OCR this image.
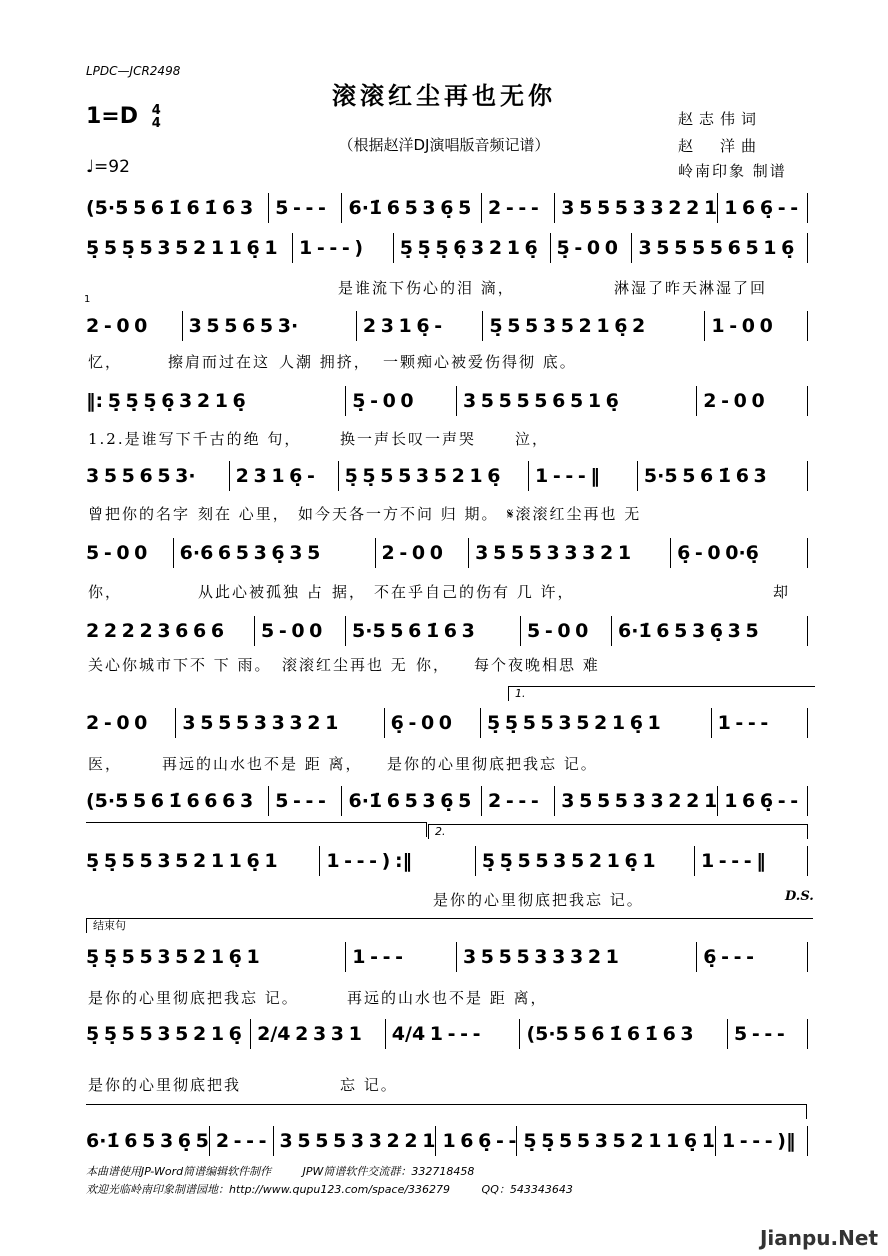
LPDC—JCR2498
滚滚红尘再也无你
1=D 4
4
（根据赵洋DJ演唱版音频记谱）
♩=92
赵志伟词
赵　洋曲
岭南印象 制谱
(5·5 5 6 1̇ 6 1̇ 6 3	5 - - -	6·1̇ 6 5 3 6̣ 5 2 - - -	3 5 5 5 3 3 2 2 1 1 6 6̣ - -
5̣ 5 5̣ 5 3 5 2 1 1 6̣ 1	1 - - - )	5̣ 5̣ 5̣ 6̣ 3 2 1 6̣ 5̣ - 0 0	3 5 5 5 5 6 5 1 6̣
2 - 0 0	3 5 5 6 5 3·	2 3 1 6̣ -	5̣ 5 5 3 5 2 1 6̣ 2	1 - 0 0
‖: 5̣ 5̣ 5̣ 6̣ 3 2 1 6̣	5̣ - 0 0	3 5 5 5 5 6 5 1 6̣	2 - 0 0
3 5 5 6 5 3·	2 3 1 6̣ -	5̣ 5̣ 5 5 3 5 2 1 6̣	1 - - - ‖	5·5 5 6 1̇ 6 3
5 - 0 0	6·6 6 5 3 6̣ 3 5	2 - 0 0	3 5 5 5 3 3 3 2 1	6̣ - 0 0·6̣
2 2 2 2 3 6 6 6	5 - 0 0	5·5 5 6 1̇ 6 3	5 - 0 0	6·1̇ 6 5 3 6̣ 3 5
2 - 0 0	3 5 5 5 3 3 3 2 1	6̣ - 0 0	5̣ 5̣ 5 5 3 5 2 1 6̣ 1	1 - - -
(5·5 5 6 1̇ 6 6 6 3	5 - - -	6·1̇ 6 5 3 6̣ 5 2 - - -	3 5 5 5 3 3 2 2 1 1 6 6̣ - -
5̣ 5̣ 5 5 3 5 2 1 1 6̣ 1	1 - - - ) :‖	5̣ 5̣ 5 5 3 5 2 1 6̣ 1	1 - - - ‖
5̣ 5̣ 5 5 3 5 2 1 6̣ 1	1 - - -	3 5 5 5 3 3 3 2 1	6̣ - - -
5̣ 5̣ 5 5 3 5 2 1 6̣ 2/4 2 3 3 1	4/4 1 - - -	(5·5 5 6 1̇ 6 1̇ 6 3	5 - - -
6·1̇ 6 5 3 6̣ 5 2 - - - 3 5 5 5 3 3 2 2 1 1 6 6̣ - - 5̣ 5̣ 5 5 3 5 2 1 1 6̣ 1 1 - - - )‖
是谁流下伤心的泪 滴，	淋湿了昨天淋湿了回
忆，	擦肩而过在这 人潮 拥挤， 一颗痴心被爱伤得彻 底。
1.2.是谁写下千古的绝 句，	换一声长叹一声哭	泣，
曾把你的名字 刻在 心里， 如今天各一方不问 归 期。 𝄋滚滚红尘再也 无
你，	从此心被孤独 占 据， 不在乎自己的伤有 几 许，	却
关心你城市下不 下 雨。 滚滚红尘再也 无 你， 每个夜晚相思 难
医，	再远的山水也不是 距 离， 是你的心里彻底把我忘 记。
是你的心里彻底把我忘 记。	D.S.
是你的心里彻底把我忘 记。	再远的山水也不是 距 离，
是你的心里彻底把我	忘 记。
1.
2.
结束句
1
本曲谱使用JP-Word简谱编辑软件制作	JPW简谱软件交流群：332718458
欢迎光临岭南印象制谱园地：http://www.qupu123.com/space/336279	QQ：543343643
Jianpu.Net
